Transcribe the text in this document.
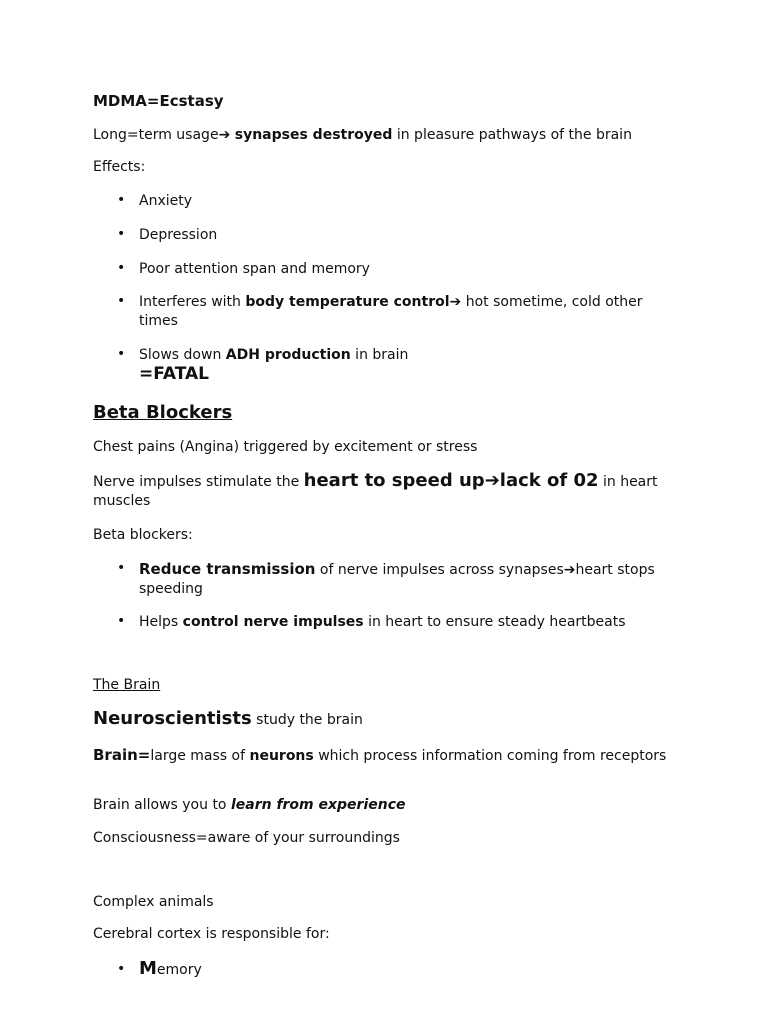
MDMA=Ecstasy
Long=term usage➔ synapses destroyed in pleasure pathways of the brain
Effects:
• Anxiety
• Depression
• Poor attention span and memory
• Interferes with body temperature control➔ hot sometime, cold other times
• Slows down ADH production in brain
=FATAL
Beta Blockers
Chest pains (Angina) triggered by excitement or stress
Nerve impulses stimulate the heart to speed up➔lack of 02 in heart muscles
Beta blockers:
• Reduce transmission of nerve impulses across synapses➔heart stops speeding
• Helps control nerve impulses in heart to ensure steady heartbeats
The Brain
Neuroscientists study the brain
Brain=large mass of neurons which process information coming from receptors
Brain allows you to learn from experience
Consciousness=aware of your surroundings
Complex animals
Cerebral cortex is responsible for:
• Memory
